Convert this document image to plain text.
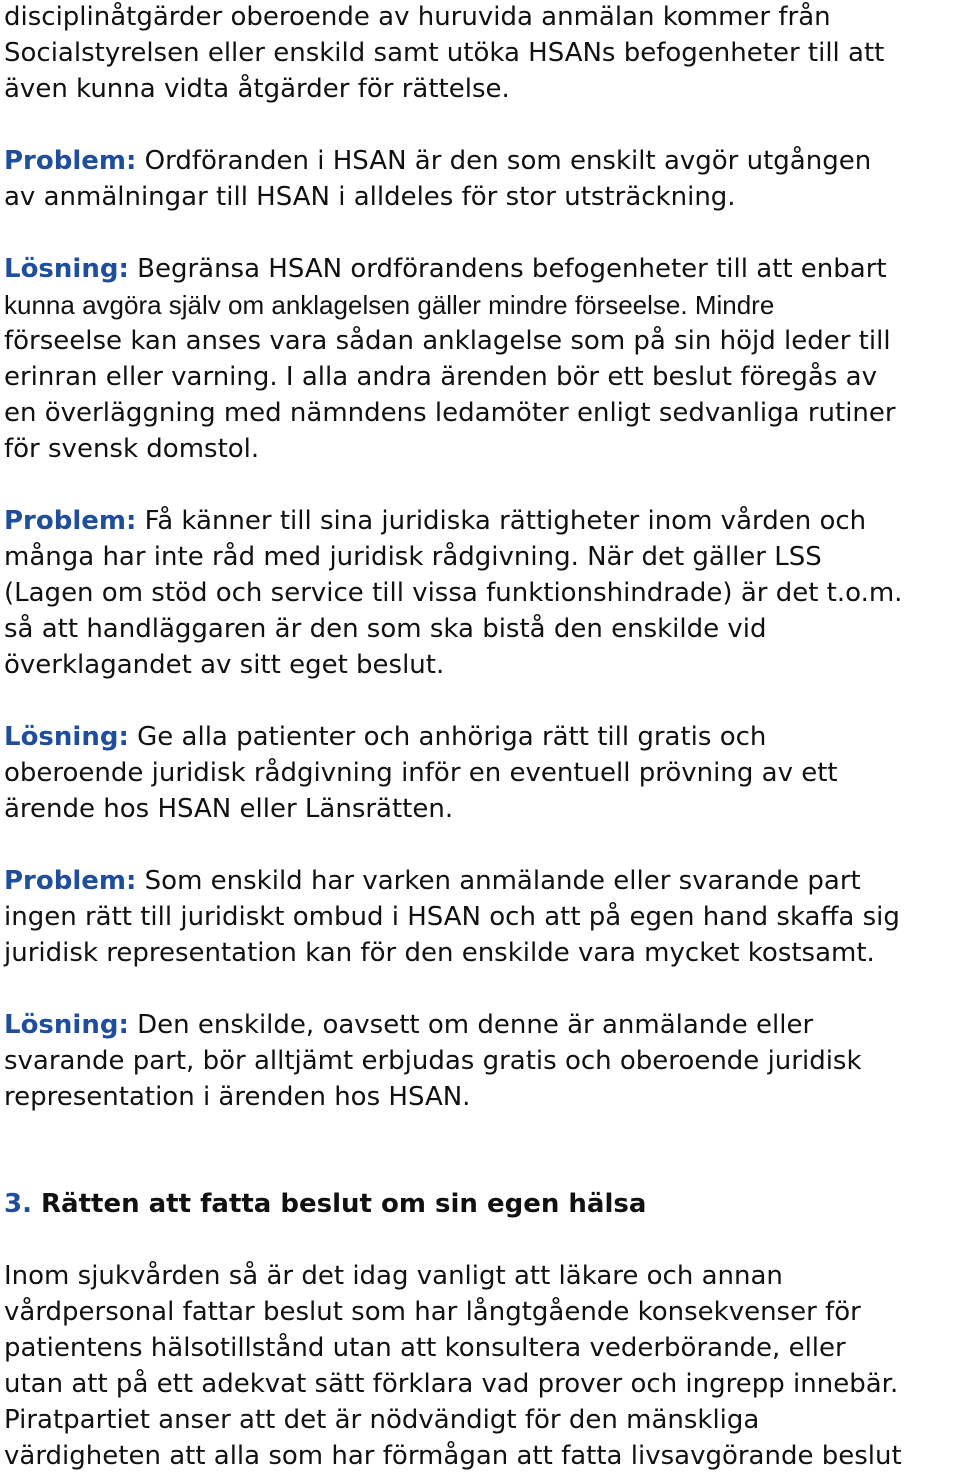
disciplinåtgärder oberoende av huruvida anmälan kommer från
Socialstyrelsen eller enskild samt utöka HSANs befogenheter till att
även kunna vidta åtgärder för rättelse.

Problem: Ordföranden i HSAN är den som enskilt avgör utgången
av anmälningar till HSAN i alldeles för stor utsträckning.

Lösning: Begränsa HSAN ordförandens befogenheter till att enbart
kunna avgöra själv om anklagelsen gäller mindre förseelse. Mindre
förseelse kan anses vara sådan anklagelse som på sin höjd leder till
erinran eller varning. I alla andra ärenden bör ett beslut föregås av
en överläggning med nämndens ledamöter enligt sedvanliga rutiner
för svensk domstol.

Problem: Få känner till sina juridiska rättigheter inom vården och
många har inte råd med juridisk rådgivning. När det gäller LSS
(Lagen om stöd och service till vissa funktionshindrade) är det t.o.m.
så att handläggaren är den som ska bistå den enskilde vid
överklagandet av sitt eget beslut.

Lösning: Ge alla patienter och anhöriga rätt till gratis och
oberoende juridisk rådgivning inför en eventuell prövning av ett
ärende hos HSAN eller Länsrätten.

Problem: Som enskild har varken anmälande eller svarande part
ingen rätt till juridiskt ombud i HSAN och att på egen hand skaffa sig
juridisk representation kan för den enskilde vara mycket kostsamt.

Lösning: Den enskilde, oavsett om denne är anmälande eller
svarande part, bör alltjämt erbjudas gratis och oberoende juridisk
representation i ärenden hos HSAN.

3. Rätten att fatta beslut om sin egen hälsa

Inom sjukvården så är det idag vanligt att läkare och annan
vårdpersonal fattar beslut som har långtgående konsekvenser för
patientens hälsotillstånd utan att konsultera vederbörande, eller
utan att på ett adekvat sätt förklara vad prover och ingrepp innebär.
Piratpartiet anser att det är nödvändigt för den mänskliga
värdigheten att alla som har förmågan att fatta livsavgörande beslut
